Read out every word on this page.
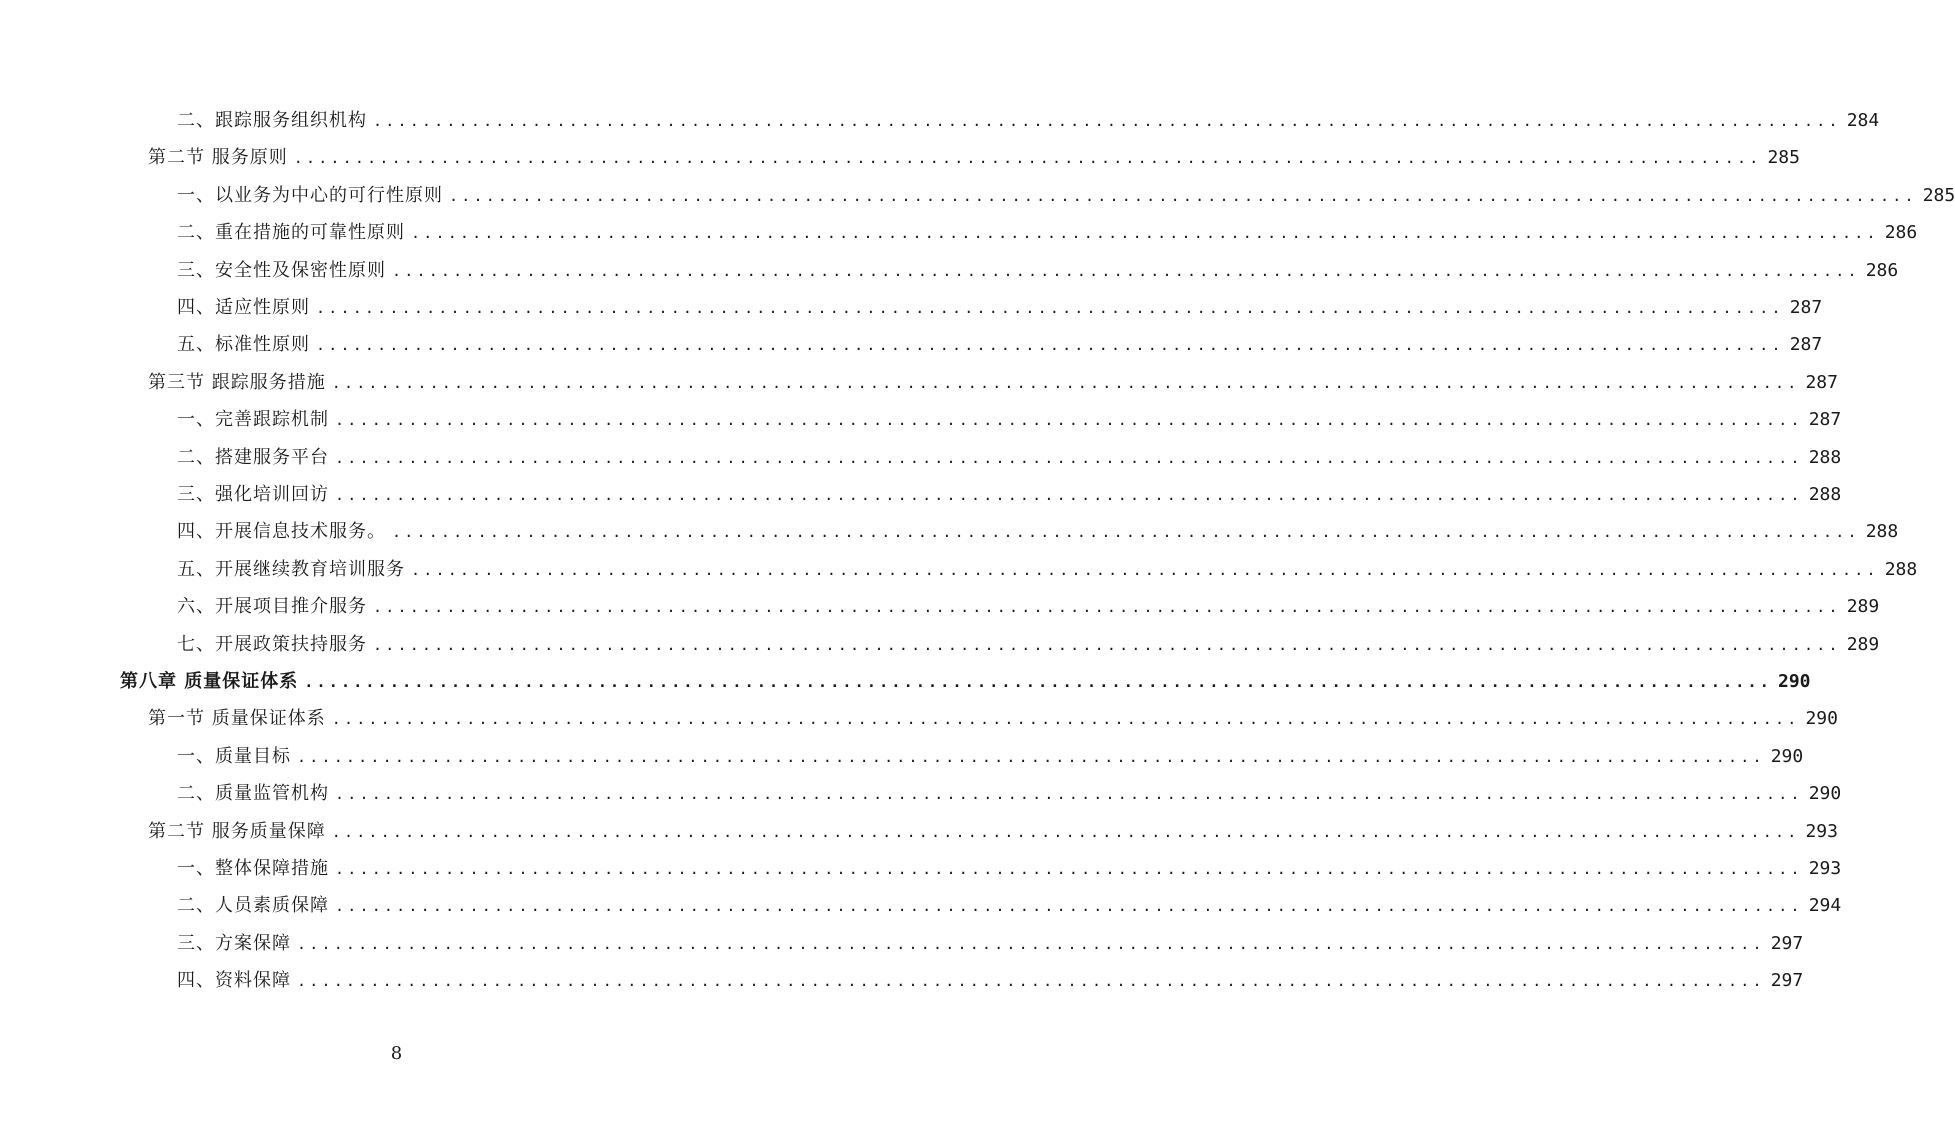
二、跟踪服务组织机构 ........................................................................................................................ 284
第二节 服务原则 ........................................................................................................................ 285
一、以业务为中心的可行性原则 ........................................................................................................................ 285
二、重在措施的可靠性原则 ........................................................................................................................ 286
三、安全性及保密性原则 ........................................................................................................................ 286
四、适应性原则 ........................................................................................................................ 287
五、标准性原则 ........................................................................................................................ 287
第三节 跟踪服务措施 ........................................................................................................................ 287
一、完善跟踪机制 ........................................................................................................................ 287
二、搭建服务平台 ........................................................................................................................ 288
三、强化培训回访 ........................................................................................................................ 288
四、开展信息技术服务。 ........................................................................................................................ 288
五、开展继续教育培训服务 ........................................................................................................................ 288
六、开展项目推介服务 ........................................................................................................................ 289
七、开展政策扶持服务 ........................................................................................................................ 289
第八章 质量保证体系 ........................................................................................................................ 290
第一节 质量保证体系 ........................................................................................................................ 290
一、质量目标 ........................................................................................................................ 290
二、质量监管机构 ........................................................................................................................ 290
第二节 服务质量保障 ........................................................................................................................ 293
一、整体保障措施 ........................................................................................................................ 293
二、人员素质保障 ........................................................................................................................ 294
三、方案保障 ........................................................................................................................ 297
四、资料保障 ........................................................................................................................ 297
8
